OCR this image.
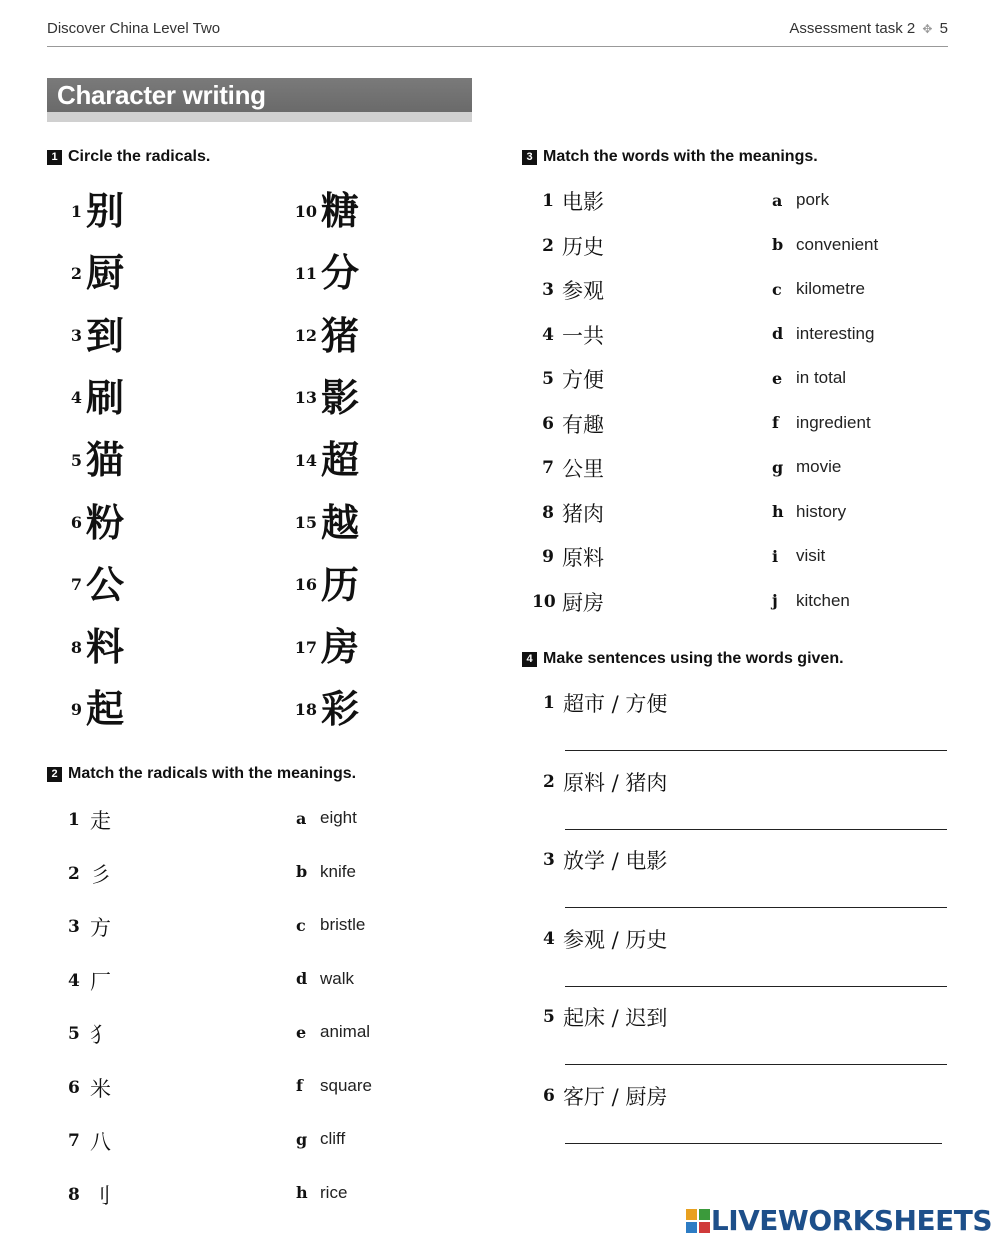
Discover China Level Two	Assessment task 2 ✥ 5
Character writing
1 Circle the radicals.
1 别
2 厨
3 到
4 刷
5 猫
6 粉
7 公
8 料
9 起
10 糖
11 分
12 猪
13 影
14 超
15 越
16 历
17 房
18 彩
2 Match the radicals with the meanings.
1 走
2 彡
3 方
4 厂
5 犭
6 米
7 八
8 刂
a eight
b knife
c bristle
d walk
e animal
f	square
g cliff
h rice
3 Match the words with the meanings.
1 电影
2 历史
3 参观
4 一共
5 方便
6 有趣
7 公里
8 猪肉
9 原料
10 厨房
a pork
b convenient
c kilometre
d interesting
e in total
f	ingredient
g movie
h history
i	visit
j	kitchen
4 Make sentences using the words given.
1 超市 / 方便
2 原料 / 猪肉
3 放学 / 电影
4 参观 / 历史
5 起床 / 迟到
6 客厅 / 厨房
LIVEWORKSHEETS
